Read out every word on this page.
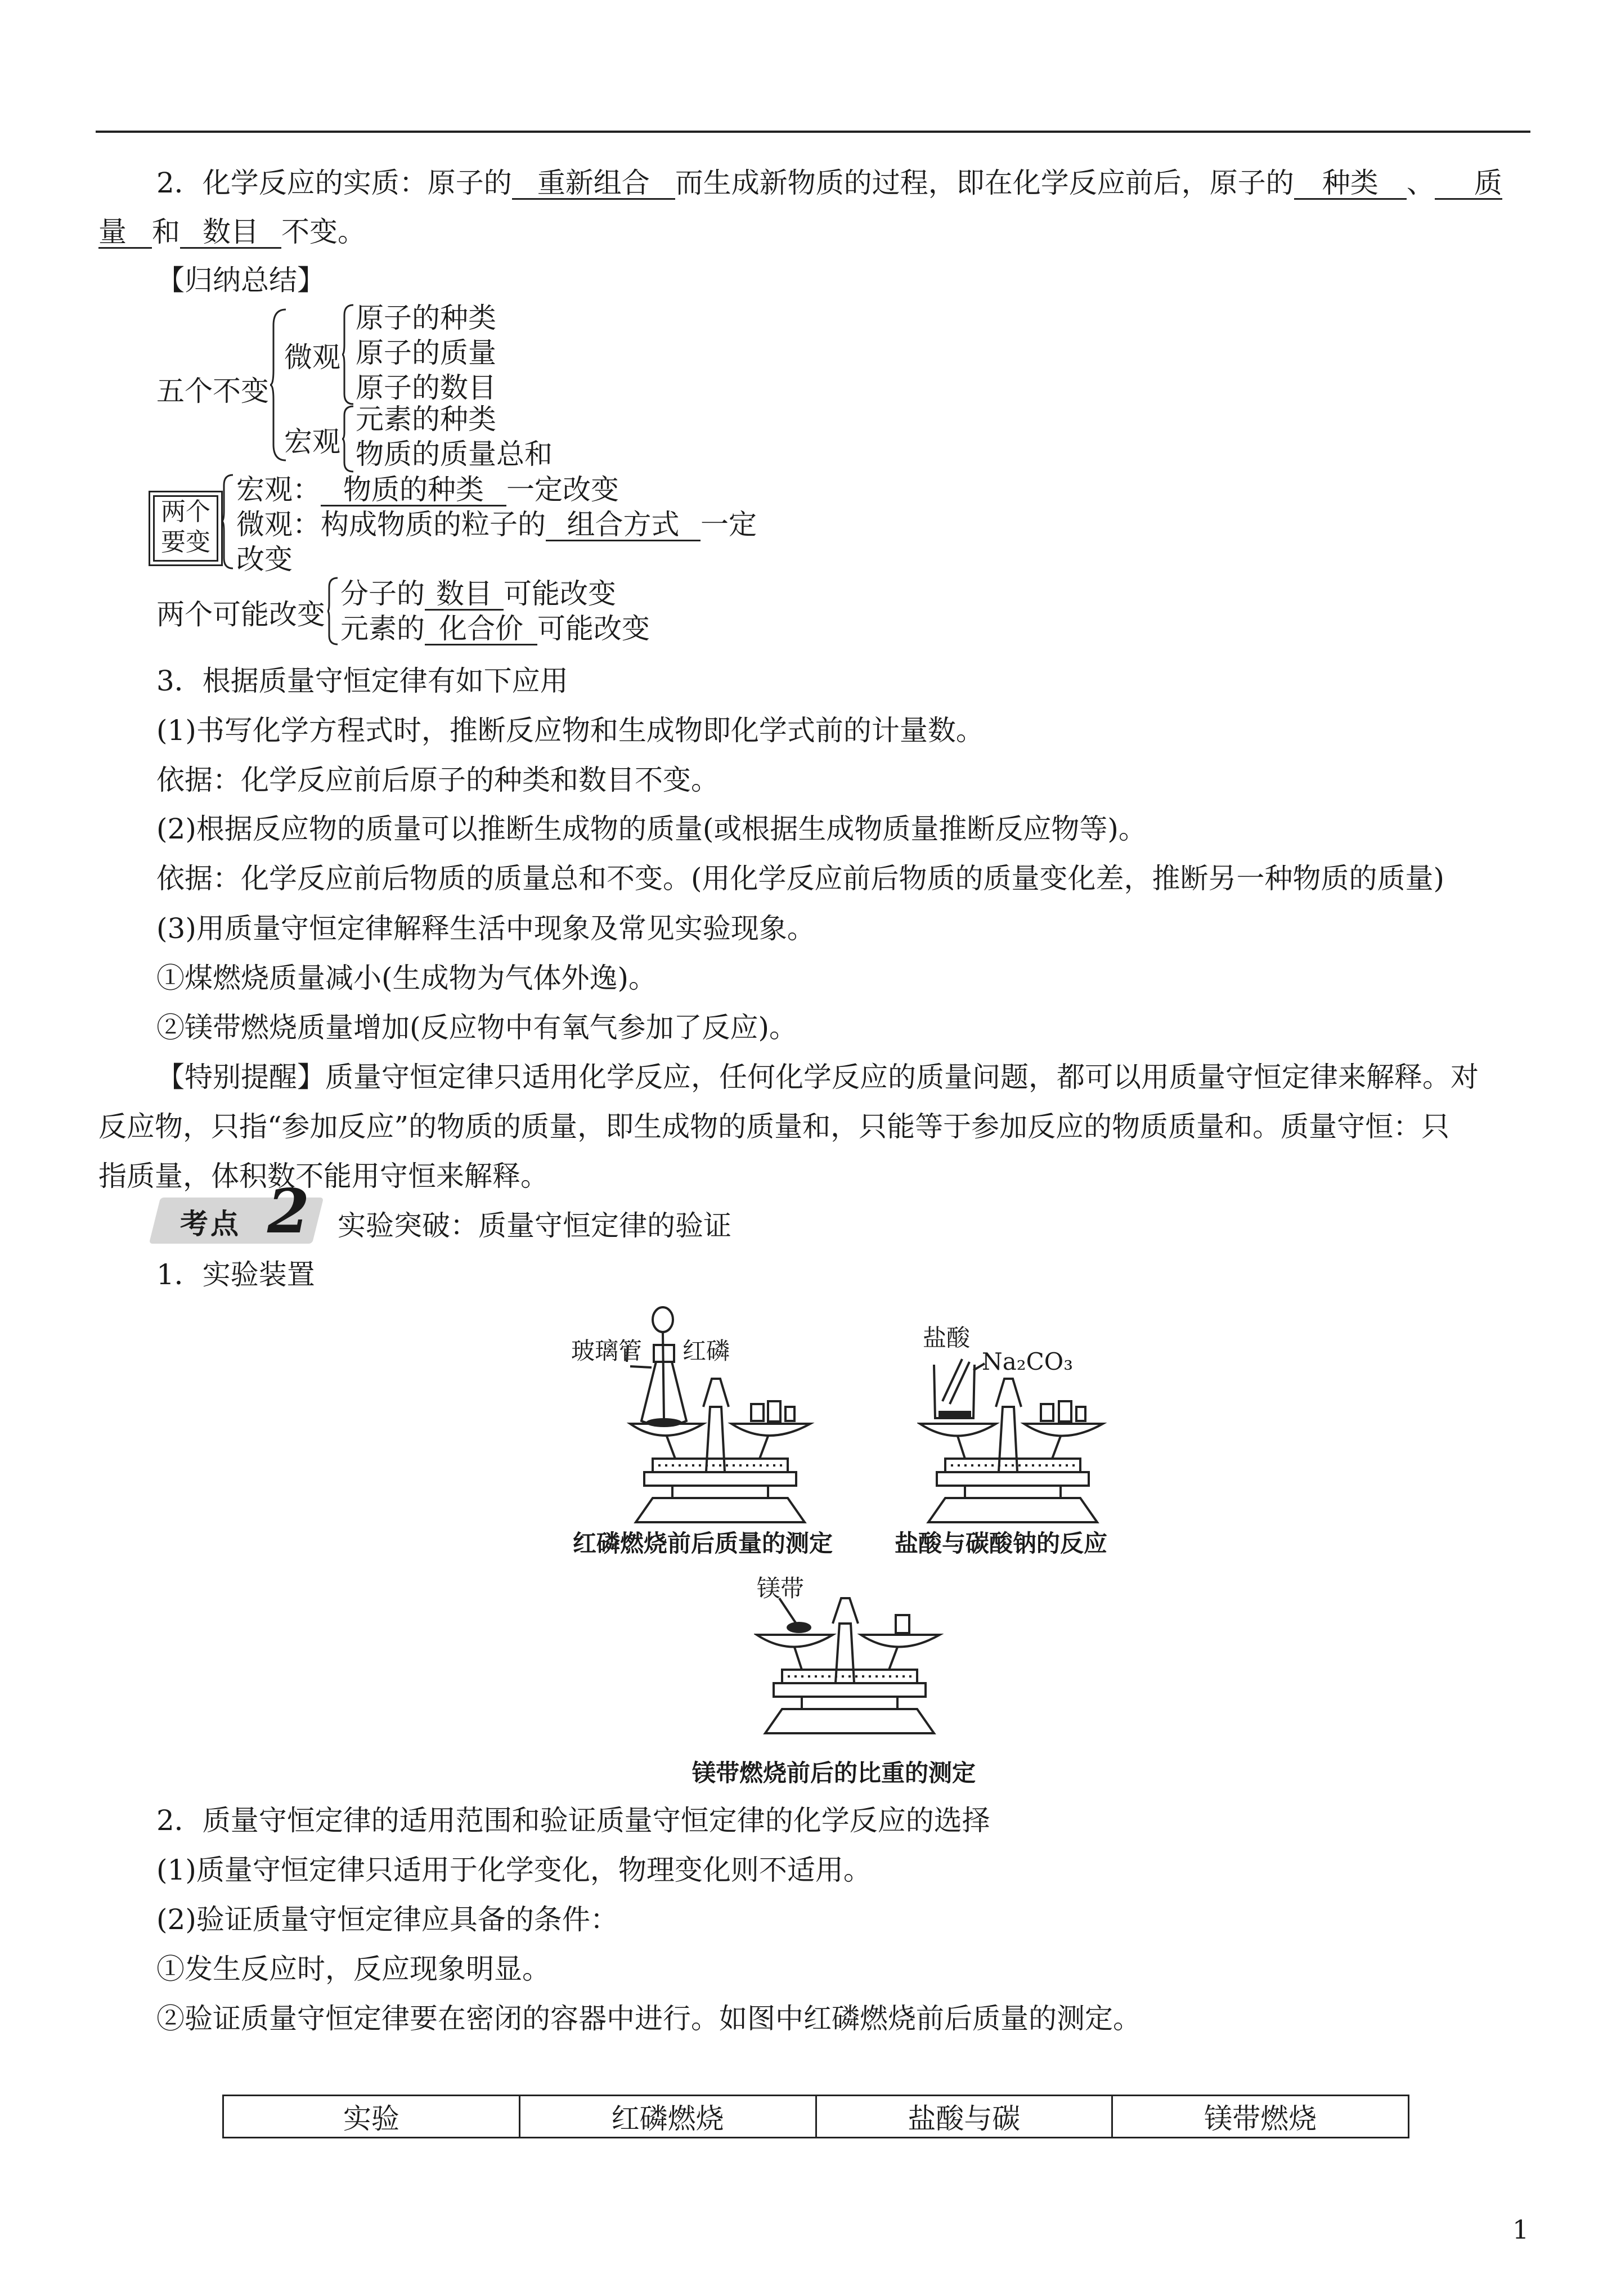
2．化学反应的实质：原子的 重新组合 而生成新物质的过程，即在化学反应前后，原子的 种类 、 质
量 和 数目 不变。
【归纳总结】
五个不变
微观
原子的种类
原子的质量
原子的数目
宏观
元素的种类
物质的质量总和
两个
要变
宏观： 物质的种类 一定改变
微观：构成物质的粒子的 组合方式 一定
改变
两个可能改变
分子的 数目 可能改变
元素的 化合价 可能改变
3．根据质量守恒定律有如下应用
(1)书写化学方程式时，推断反应物和生成物即化学式前的计量数。
依据：化学反应前后原子的种类和数目不变。
(2)根据反应物的质量可以推断生成物的质量(或根据生成物质量推断反应物等)。
依据：化学反应前后物质的质量总和不变。(用化学反应前后物质的质量变化差，推断另一种物质的质量)
(3)用质量守恒定律解释生活中现象及常见实验现象。
①煤燃烧质量减小(生成物为气体外逸)。
②镁带燃烧质量增加(反应物中有氧气参加了反应)。
【特别提醒】质量守恒定律只适用化学反应，任何化学反应的质量问题，都可以用质量守恒定律来解释。对
反应物，只指“参加反应”的物质的质量，即生成物的质量和，只能等于参加反应的物质质量和。质量守恒：只
指质量，体积数不能用守恒来解释。
考点 2 实验突破：质量守恒定律的验证
1．实验装置
玻璃管 红磷
红磷燃烧前后质量的测定
盐酸
Na₂CO₃
盐酸与碳酸钠的反应
镁带
镁带燃烧前后的比重的测定
2．质量守恒定律的适用范围和验证质量守恒定律的化学反应的选择
(1)质量守恒定律只适用于化学变化，物理变化则不适用。
(2)验证质量守恒定律应具备的条件：
①发生反应时，反应现象明显。
②验证质量守恒定律要在密闭的容器中进行。如图中红磷燃烧前后质量的测定。
实验	红磷燃烧	盐酸与碳	镁带燃烧
1
